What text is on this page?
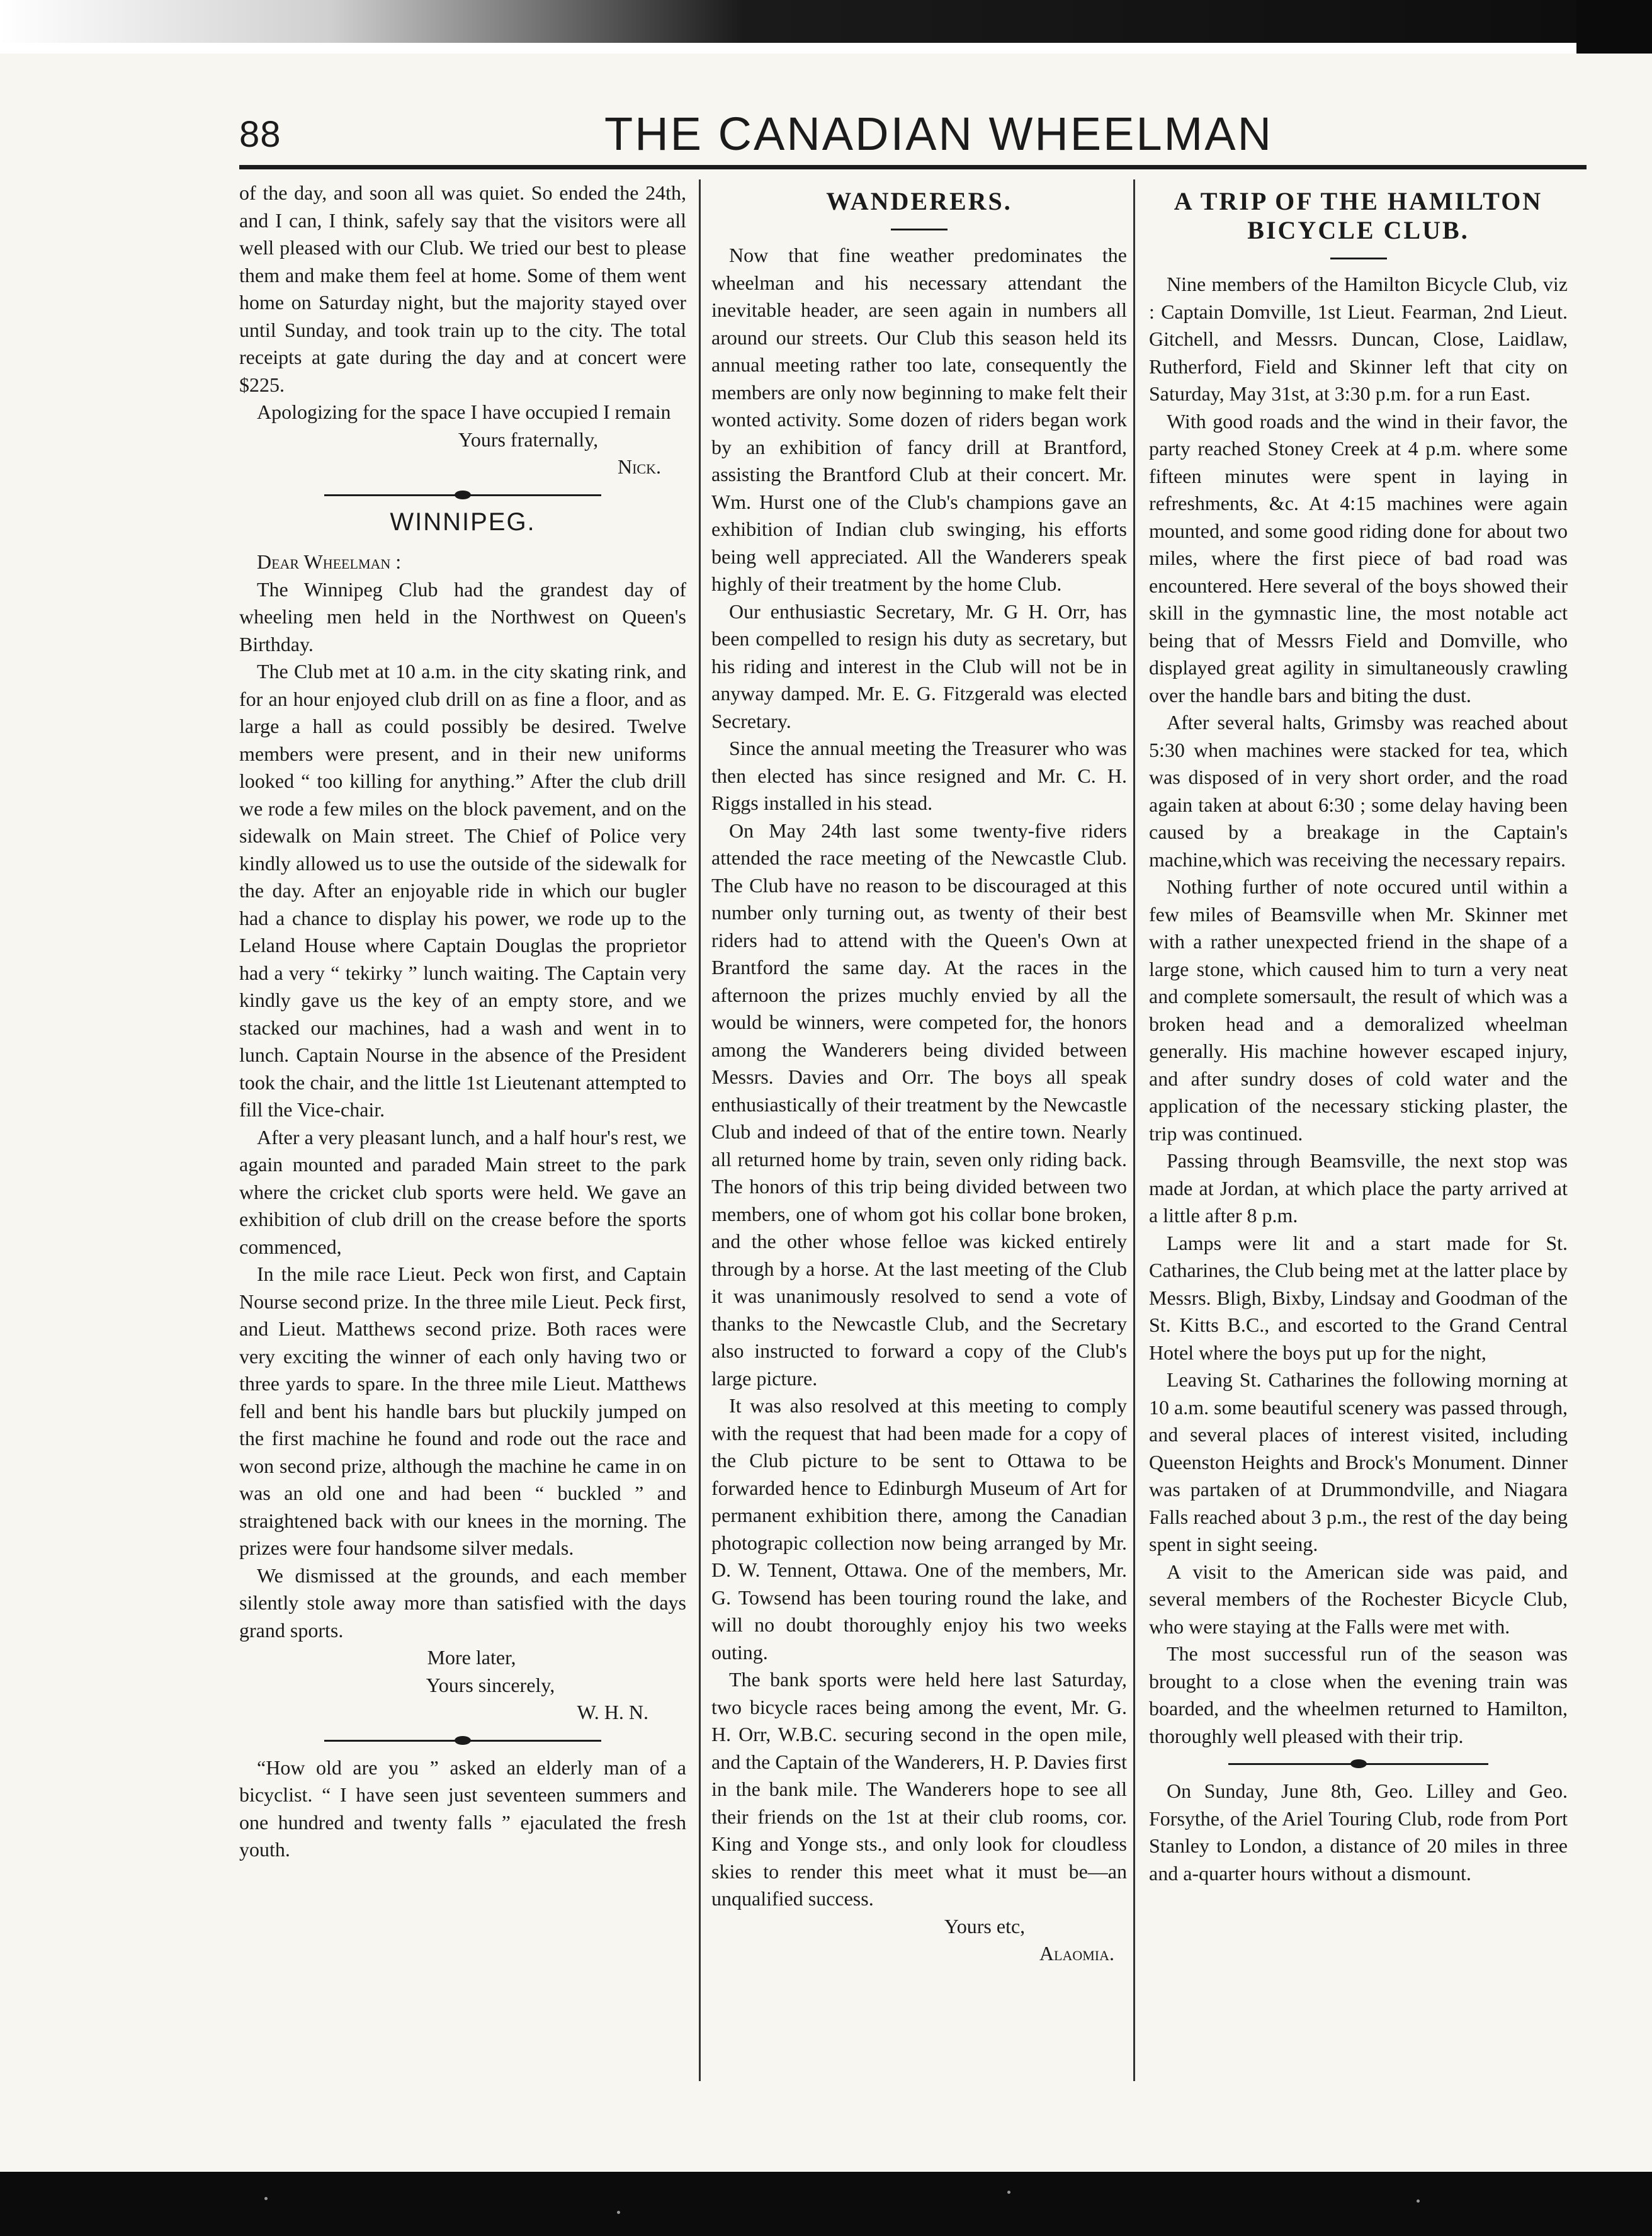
88	THE CANADIAN WHEELMAN

of the day, and soon all was quiet. So ended the 24th, and I can, I think, safely say that the visitors were all well pleased with our Club. We tried our best to please them and make them feel at home. Some of them went home on Saturday night, but the majority stayed over until Sunday, and took train up to the city. The total receipts at gate during the day and at concert were $225.

Apologizing for the space I have occupied I remain

Yours fraternally,

Nick.

WINNIPEG.

Dear Wheelman :

The Winnipeg Club had the grandest day of wheeling men held in the Northwest on Queen's Birthday.

The Club met at 10 a.m. in the city skating rink, and for an hour enjoyed club drill on as fine a floor, and as large a hall as could possibly be desired. Twelve members were present, and in their new uniforms looked “ too killing for anything.” After the club drill we rode a few miles on the block pavement, and on the sidewalk on Main street. The Chief of Police very kindly allowed us to use the outside of the sidewalk for the day. After an enjoyable ride in which our bugler had a chance to display his power, we rode up to the Leland House where Captain Douglas the proprietor had a very “ tekirky ” lunch waiting. The Captain very kindly gave us the key of an empty store, and we stacked our machines, had a wash and went in to lunch. Captain Nourse in the absence of the President took the chair, and the little 1st Lieutenant attempted to fill the Vice-chair.

After a very pleasant lunch, and a half hour's rest, we again mounted and paraded Main street to the park where the cricket club sports were held. We gave an exhibition of club drill on the crease before the sports commenced,

In the mile race Lieut. Peck won first, and Captain Nourse second prize. In the three mile Lieut. Peck first, and Lieut. Matthews second prize. Both races were very exciting the winner of each only having two or three yards to spare. In the three mile Lieut. Matthews fell and bent his handle bars but pluckily jumped on the first machine he found and rode out the race and won second prize, although the machine he came in on was an old one and had been “ buckled ” and straightened back with our knees in the morning. The prizes were four handsome silver medals.

We dismissed at the grounds, and each member silently stole away more than satisfied with the days grand sports.

More later,

Yours sincerely,

W. H. N.

“How old are you ” asked an elderly man of a bicyclist. “ I have seen just seventeen summers and one hundred and twenty falls ” ejaculated the fresh youth.

WANDERERS.

Now that fine weather predominates the wheelman and his necessary attendant the inevitable header, are seen again in numbers all around our streets. Our Club this season held its annual meeting rather too late, consequently the members are only now beginning to make felt their wonted activity. Some dozen of riders began work by an exhibition of fancy drill at Brantford, assisting the Brantford Club at their concert. Mr. Wm. Hurst one of the Club's champions gave an exhibition of Indian club swinging, his efforts being well appreciated. All the Wanderers speak highly of their treatment by the home Club.

Our enthusiastic Secretary, Mr. G H. Orr, has been compelled to resign his duty as secretary, but his riding and interest in the Club will not be in anyway damped. Mr. E. G. Fitzgerald was elected Secretary.

Since the annual meeting the Treasurer who was then elected has since resigned and Mr. C. H. Riggs installed in his stead.

On May 24th last some twenty-five riders attended the race meeting of the Newcastle Club. The Club have no reason to be discouraged at this number only turning out, as twenty of their best riders had to attend with the Queen's Own at Brantford the same day. At the races in the afternoon the prizes muchly envied by all the would be winners, were competed for, the honors among the Wanderers being divided between Messrs. Davies and Orr. The boys all speak enthusiastically of their treatment by the Newcastle Club and indeed of that of the entire town. Nearly all returned home by train, seven only riding back. The honors of this trip being divided between two members, one of whom got his collar bone broken, and the other whose felloe was kicked entirely through by a horse. At the last meeting of the Club it was unanimously resolved to send a vote of thanks to the Newcastle Club, and the Secretary also instructed to forward a copy of the Club's large picture.

It was also resolved at this meeting to comply with the request that had been made for a copy of the Club picture to be sent to Ottawa to be forwarded hence to Edinburgh Museum of Art for permanent exhibition there, among the Canadian photograpic collection now being arranged by Mr. D. W. Tennent, Ottawa. One of the members, Mr. G. Towsend has been touring round the lake, and will no doubt thoroughly enjoy his two weeks outing.

The bank sports were held here last Saturday, two bicycle races being among the event, Mr. G. H. Orr, W.B.C. securing second in the open mile, and the Captain of the Wanderers, H. P. Davies first in the bank mile. The Wanderers hope to see all their friends on the 1st at their club rooms, cor. King and Yonge sts., and only look for cloudless skies to render this meet what it must be—an unqualified success.

Yours etc,

Alaomia.

A TRIP OF THE HAMILTON
BICYCLE CLUB.

Nine members of the Hamilton Bicycle Club, viz : Captain Domville, 1st Lieut. Fearman, 2nd Lieut. Gitchell, and Messrs. Duncan, Close, Laidlaw, Rutherford, Field and Skinner left that city on Saturday, May 31st, at 3:30 p.m. for a run East.

With good roads and the wind in their favor, the party reached Stoney Creek at 4 p.m. where some fifteen minutes were spent in laying in refreshments, &c. At 4:15 machines were again mounted, and some good riding done for about two miles, where the first piece of bad road was encountered. Here several of the boys showed their skill in the gymnastic line, the most notable act being that of Messrs Field and Domville, who displayed great agility in simultaneously crawling over the handle bars and biting the dust.

After several halts, Grimsby was reached about 5:30 when machines were stacked for tea, which was disposed of in very short order, and the road again taken at about 6:30 ; some delay having been caused by a breakage in the Captain's machine,which was receiving the necessary repairs.

Nothing further of note occured until within a few miles of Beamsville when Mr. Skinner met with a rather unexpected friend in the shape of a large stone, which caused him to turn a very neat and complete somersault, the result of which was a broken head and a demoralized wheelman generally. His machine however escaped injury, and after sundry doses of cold water and the application of the necessary sticking plaster, the trip was continued.

Passing through Beamsville, the next stop was made at Jordan, at which place the party arrived at a little after 8 p.m.

Lamps were lit and a start made for St. Catharines, the Club being met at the latter place by Messrs. Bligh, Bixby, Lindsay and Goodman of the St. Kitts B.C., and escorted to the Grand Central Hotel where the boys put up for the night,

Leaving St. Catharines the following morning at 10 a.m. some beautiful scenery was passed through, and several places of interest visited, including Queenston Heights and Brock's Monument. Dinner was partaken of at Drummondville, and Niagara Falls reached about 3 p.m., the rest of the day being spent in sight seeing.

A visit to the American side was paid, and several members of the Rochester Bicycle Club, who were staying at the Falls were met with.

The most successful run of the season was brought to a close when the evening train was boarded, and the wheelmen returned to Hamilton, thoroughly well pleased with their trip.

On Sunday, June 8th, Geo. Lilley and Geo. Forsythe, of the Ariel Touring Club, rode from Port Stanley to London, a distance of 20 miles in three and a-quarter hours without a dismount.
